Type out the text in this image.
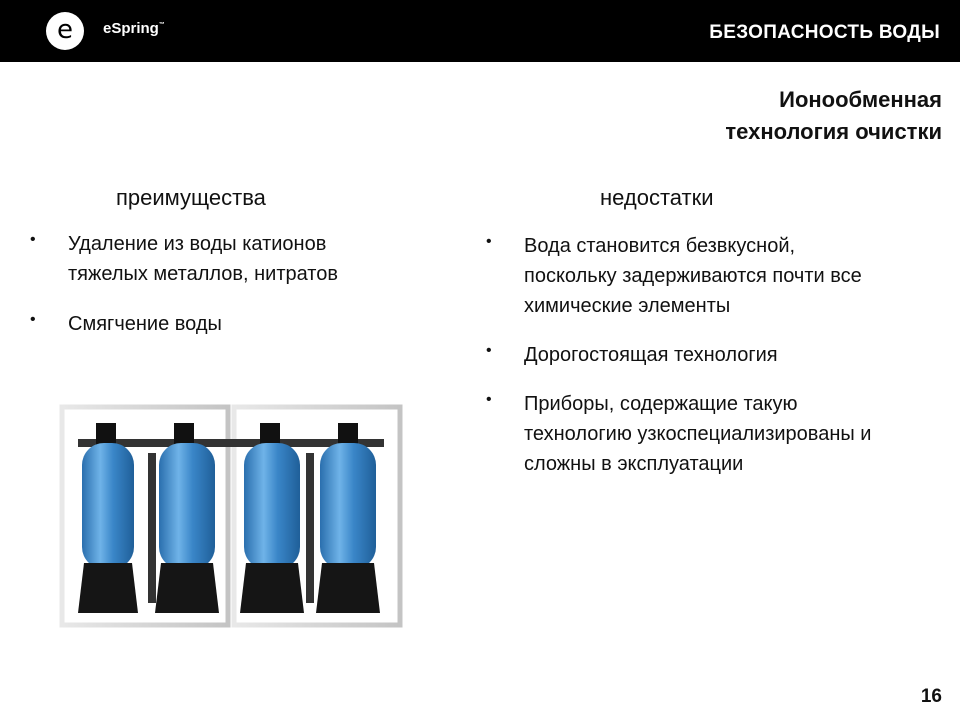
e eSpring™	БЕЗОПАСНОСТЬ ВОДЫ
Ионообменная
технология очистки
преимущества	недостатки
• Удаление из воды катионов
тяжелых металлов, нитратов
• Смягчение воды
• Вода становится безвкусной,
поскольку задерживаются почти все
химические элементы
• Дорогостоящая технология
• Приборы, содержащие такую
технологию узкоспециализированы и
сложны в эксплуатации
16
